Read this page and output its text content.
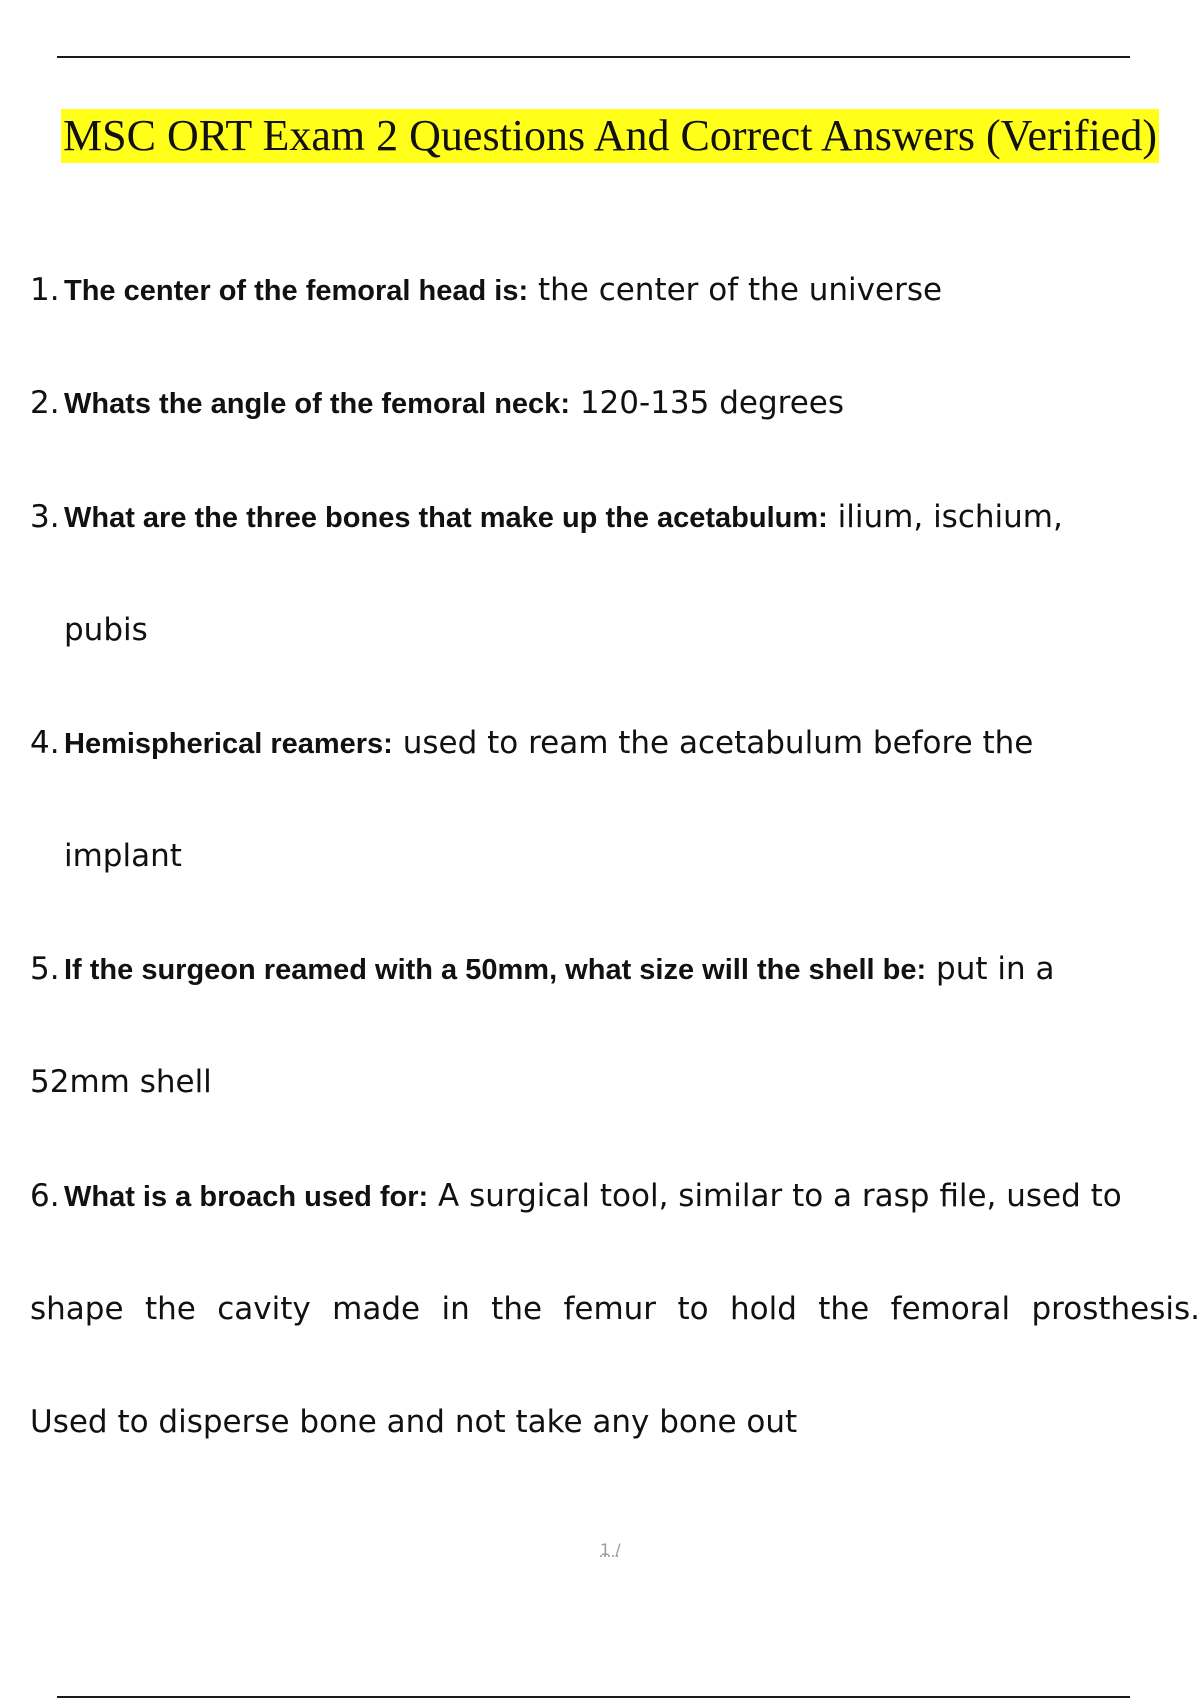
MSC ORT Exam 2 Questions And Correct Answers (Verified)
1. The center of the femoral head is: the center of the universe
2. Whats the angle of the femoral neck: 120-135 degrees
3. What are the three bones that make up the acetabulum: ilium, ischium,
pubis
4. Hemispherical reamers: used to ream the acetabulum before the
implant
5. If the surgeon reamed with a 50mm, what size will the shell be: put in a
52mm shell
6. What is a broach used for: A surgical tool, similar to a rasp file, used to
shape the cavity made in the femur to hold the femoral prosthesis.
Used to disperse bone and not take any bone out
1 /
